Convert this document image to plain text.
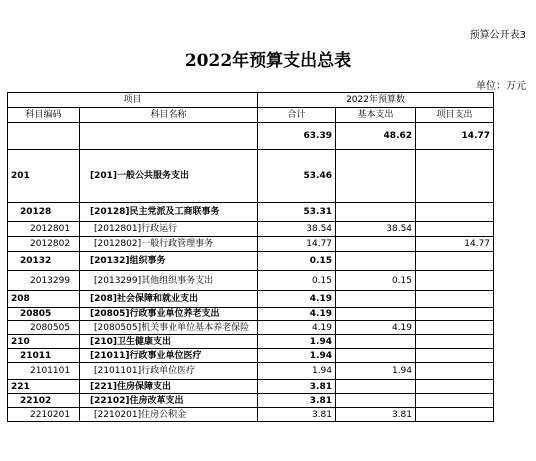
预算公开表3
2022年预算支出总表
单位：万元
项目		2022年预算数		
科目编码	科目名称	合计	基本支出	项目支出
		63.39	48.62	14.77
201	[201]一般公共服务支出	53.46		
20128	[20128]民主党派及工商联事务	53.31		
2012801	[2012801]行政运行	38.54	38.54	
2012802	[2012802]一般行政管理事务	14.77		14.77
20132	[20132]组织事务	0.15		
2013299	[2013299]其他组织事务支出	0.15	0.15	
208	[208]社会保障和就业支出	4.19		
20805	[20805]行政事业单位养老支出	4.19		
2080505	[2080505]机关事业单位基本养老保险	4.19	4.19	
210	[210]卫生健康支出	1.94		
21011	[21011]行政事业单位医疗	1.94		
2101101	[2101101]行政单位医疗	1.94	1.94	
221	[221]住房保障支出	3.81		
22102	[22102]住房改革支出	3.81		
2210201	[2210201]住房公积金	3.81	3.81	
